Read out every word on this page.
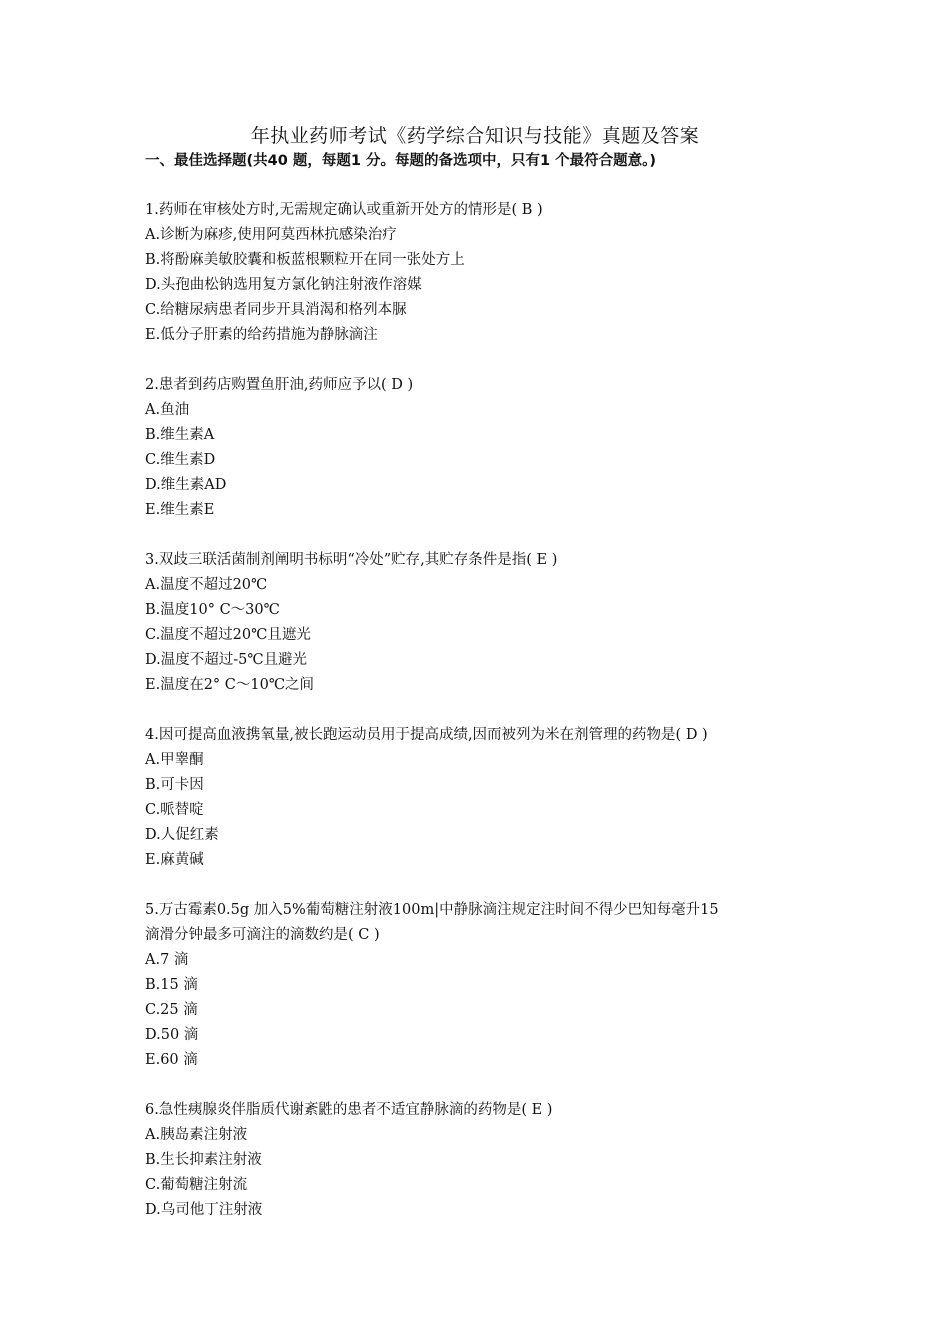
年执业药师考试《药学综合知识与技能》真题及答案
一、最佳选择题(共40 题，每题1 分。每题的备选项中，只有1 个最符合题意。)
1.药师在审核处方时,无需规定确认或重新开处方的情形是( B )
A.诊断为麻疹,使用阿莫西林抗感染治疗
B.将酚麻美敏胶囊和板蓝根颗粒开在同一张处方上
D.头孢曲松钠选用复方氯化钠注射液作溶媒
C.给糖尿病患者同步开具消渴和格列本脲
E.低分子肝素的给药措施为静脉滴注
2.患者到药店购置鱼肝油,药师应予以( D )
A.鱼油
B.维生素A
C.维生素D
D.维生素AD
E.维生素E
3.双歧三联活菌制剂阐明书标明“冷处”贮存,其贮存条件是指( E )
A.温度不超过20℃
B.温度10° C～30℃
C.温度不超过20℃且遮光
D.温度不超过-5℃且避光
E.温度在2° C～10℃之间
4.因可提高血液携氧量,被长跑运动员用于提高成绩,因而被列为米在剂管理的药物是( D )
A.甲睾酮
B.可卡因
C.哌替啶
D.人促红素
E.麻黄碱
5.万古霉素0.5g 加入5%葡萄糖注射液100m|中静脉滴注规定注时间不得少巴知每毫升15
滴滑分钟最多可滴注的滴数约是( C )
A.7 滴
B.15 滴
C.25 滴
D.50 滴
E.60 滴
6.急性痍腺炎伴脂质代谢紊鼪的患者不适宜静脉滴的药物是( E )
A.胰岛素注射液
B.生长抑素注射液
C.葡萄糖注射流
D.乌司他丁注射液
